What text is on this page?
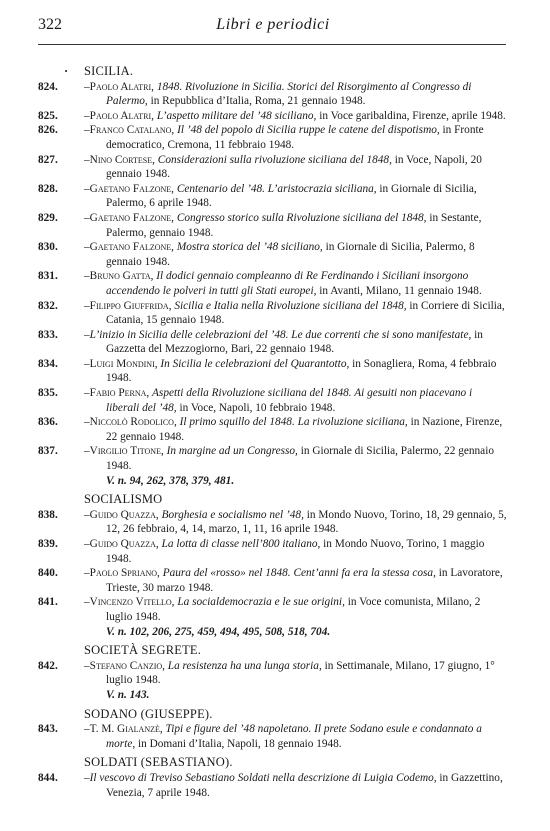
322	Libri e periodici
· SICILIA.

824.	–Paolo Alatri, 1848. Rivoluzione in Sicilia. Storici del Risorgimento al Congresso di Palermo, in Repubblica d’Italia, Roma, 21 gennaio 1948.

825.	–Paolo Alatri, L’aspetto militare del ’48 siciliano, in Voce garibaldina, Firenze, aprile 1948.

826.	–Franco Catalano, Il ’48 del popolo di Sicilia ruppe le catene del dispotismo, in Fronte democratico, Cremona, 11 febbraio 1948.

827.	–Nino Cortese, Considerazioni sulla rivoluzione siciliana del 1848, in Voce, Napoli, 20 gennaio 1948.

828.	–Gaetano Falzone, Centenario del ’48. L’aristocrazia siciliana, in Giornale di Sicilia, Palermo, 6 aprile 1948.

829.	–Gaetano Falzone, Congresso storico sulla Rivoluzione siciliana del 1848, in Sestante, Palermo, gennaio 1948.

830.	–Gaetano Falzone, Mostra storica del ’48 siciliano, in Giornale di Sicilia, Palermo, 8 gennaio 1948.

831.	–Bruno Gatta, Il dodici gennaio compleanno di Re Ferdinando i Siciliani insorgono accendendo le polveri in tutti gli Stati europei, in Avanti, Milano, 11 gennaio 1948.

832.	–Filippo Giuffrida, Sicilia e Italia nella Rivoluzione siciliana del 1848, in Corriere di Sicilia, Catania, 15 gennaio 1948.

833.	–L’inizio in Sicilia delle celebrazioni del ’48. Le due correnti che si sono manifestate, in Gazzetta del Mezzogiorno, Bari, 22 gennaio 1948.

834.	–Luigi Mondini, In Sicilia le celebrazioni del Quarantotto, in Sonagliera, Roma, 4 febbraio 1948.

835.	–Fabio Perna, Aspetti della Rivoluzione siciliana del 1848. Ai gesuiti non piacevano i liberali del ’48, in Voce, Napoli, 10 febbraio 1948.

836.	–Niccolò Rodolico, Il primo squillo del 1848. La rivoluzione siciliana, in Nazione, Firenze, 22 gennaio 1948.

837.	–Virgilio Titone, In margine ad un Congresso, in Giornale di Sicilia, Palermo, 22 gennaio 1948.

V. n. 94, 262, 378, 379, 481.

SOCIALISMO

838.	–Guido Quazza, Borghesia e socialismo nel ’48, in Mondo Nuovo, Torino, 18, 29 gennaio, 5, 12, 26 febbraio, 4, 14, marzo, 1, 11, 16 aprile 1948.

839.	–Guido Quazza, La lotta di classe nell’800 italiano, in Mondo Nuovo, Torino, 1 maggio 1948.

840.	–Paolo Spriano, Paura del «rosso» nel 1848. Cent’anni fa era la stessa cosa, in Lavoratore, Trieste, 30 marzo 1948.

841.	–Vincenzo Vitello, La socialdemocrazia e le sue origini, in Voce comunista, Milano, 2 luglio 1948.

V. n. 102, 206, 275, 459, 494, 495, 508, 518, 704.

SOCIETÀ SEGRETE.

842.	–Stefano Canzio, La resistenza ha una lunga storia, in Settimanale, Milano, 17 giugno, 1° luglio 1948.

V. n. 143.

SODANO (GIUSEPPE).

843.	–T. M. Gialanzè, Tipi e figure del ’48 napoletano. Il prete Sodano esule e condannato a morte, in Domani d’Italia, Napoli, 18 gennaio 1948.

SOLDATI (SEBASTIANO).

844.	–Il vescovo di Treviso Sebastiano Soldati nella descrizione di Luigia Codemo, in Gazzettino, Venezia, 7 aprile 1948.
